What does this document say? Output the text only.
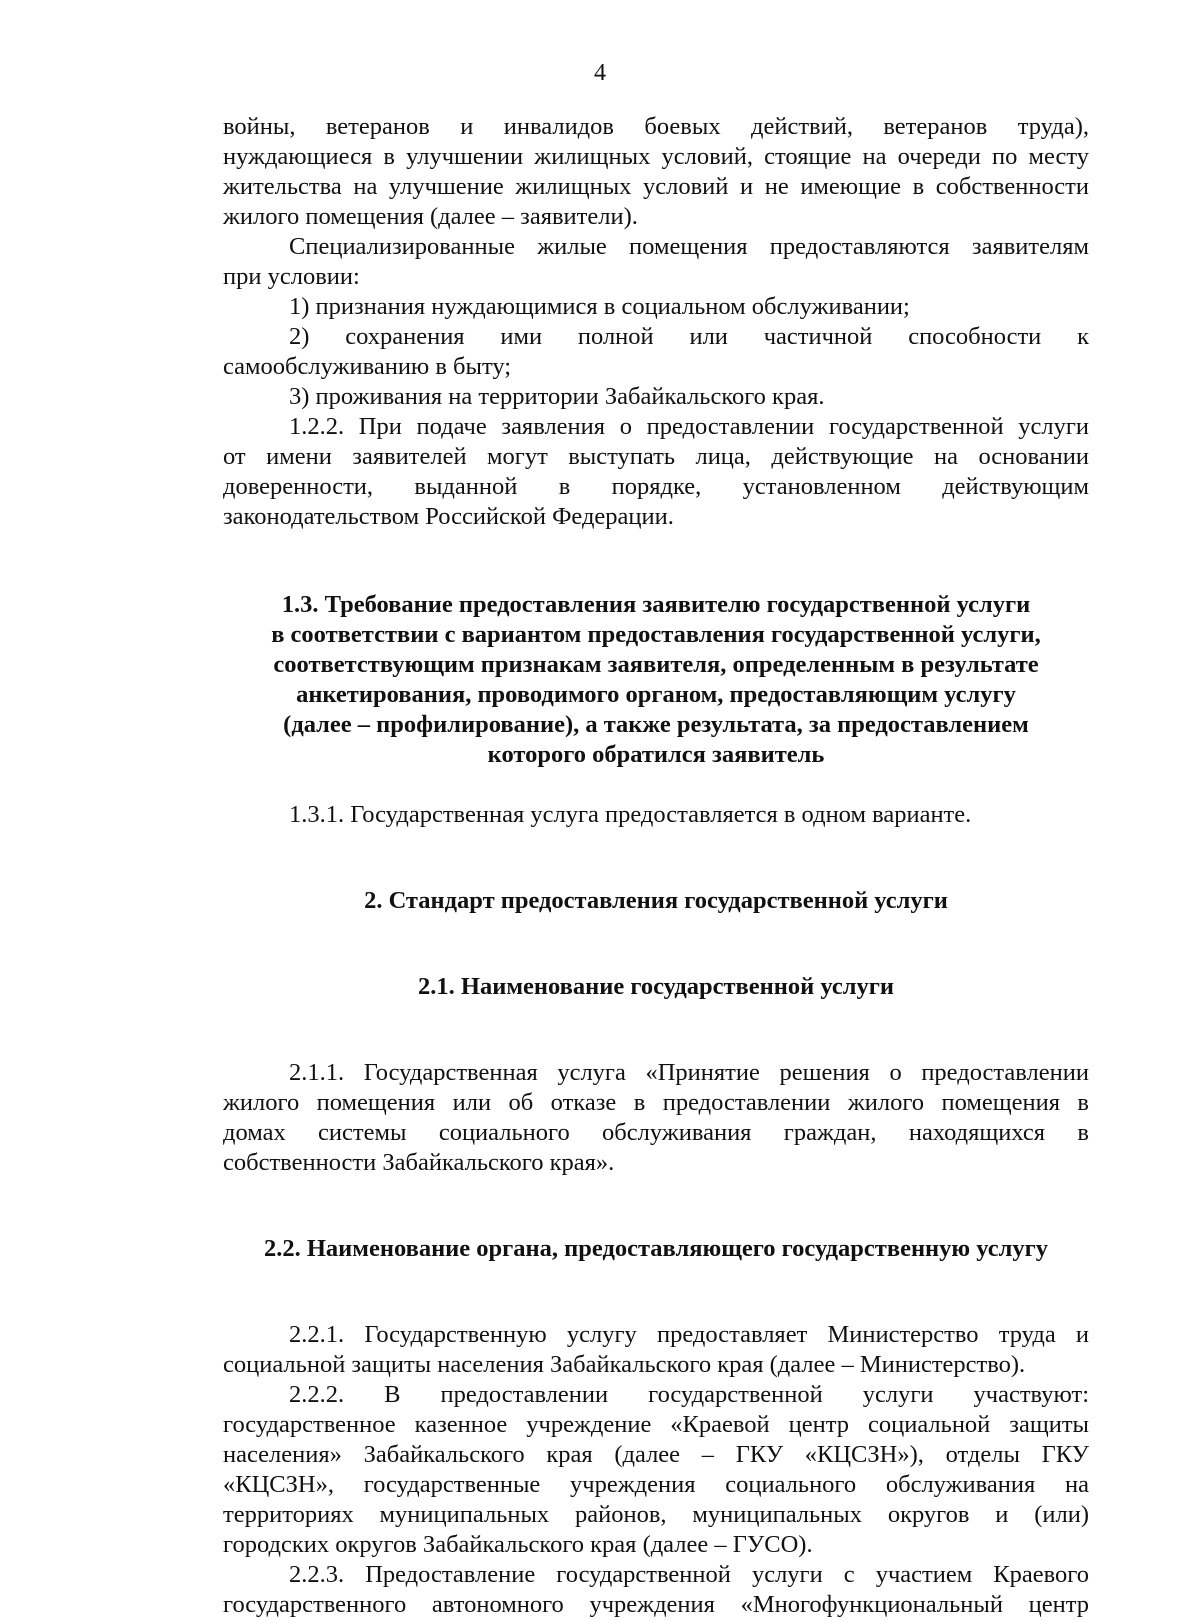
4
войны, ветеранов и инвалидов боевых действий, ветеранов труда),
нуждающиеся в улучшении жилищных условий, стоящие на очереди по месту
жительства на улучшение жилищных условий и не имеющие в собственности
жилого помещения (далее – заявители).
Специализированные жилые помещения предоставляются заявителям
при условии:
1) признания нуждающимися в социальном обслуживании;
2) сохранения ими полной или частичной способности к
самообслуживанию в быту;
3) проживания на территории Забайкальского края.
1.2.2. При подаче заявления о предоставлении государственной услуги
от имени заявителей могут выступать лица, действующие на основании
доверенности, выданной в порядке, установленном действующим
законодательством Российской Федерации.
1.3. Требование предоставления заявителю государственной услуги
в соответствии с вариантом предоставления государственной услуги,
соответствующим признакам заявителя, определенным в результате
анкетирования, проводимого органом, предоставляющим услугу
(далее – профилирование), а также результата, за предоставлением
которого обратился заявитель
1.3.1. Государственная услуга предоставляется в одном варианте.
2. Стандарт предоставления государственной услуги
2.1. Наименование государственной услуги
2.1.1. Государственная услуга «Принятие решения о предоставлении
жилого помещения или об отказе в предоставлении жилого помещения в
домах системы социального обслуживания граждан, находящихся в
собственности Забайкальского края».
2.2. Наименование органа, предоставляющего государственную услугу
2.2.1. Государственную услугу предоставляет Министерство труда и
социальной защиты населения Забайкальского края (далее – Министерство).
2.2.2. В предоставлении государственной услуги участвуют:
государственное казенное учреждение «Краевой центр социальной защиты
населения» Забайкальского края (далее – ГКУ «КЦСЗН»), отделы ГКУ
«КЦСЗН», государственные учреждения социального обслуживания на
территориях муниципальных районов, муниципальных округов и (или)
городских округов Забайкальского края (далее – ГУСО).
2.2.3. Предоставление государственной услуги с участием Краевого
государственного автономного учреждения «Многофункциональный центр
